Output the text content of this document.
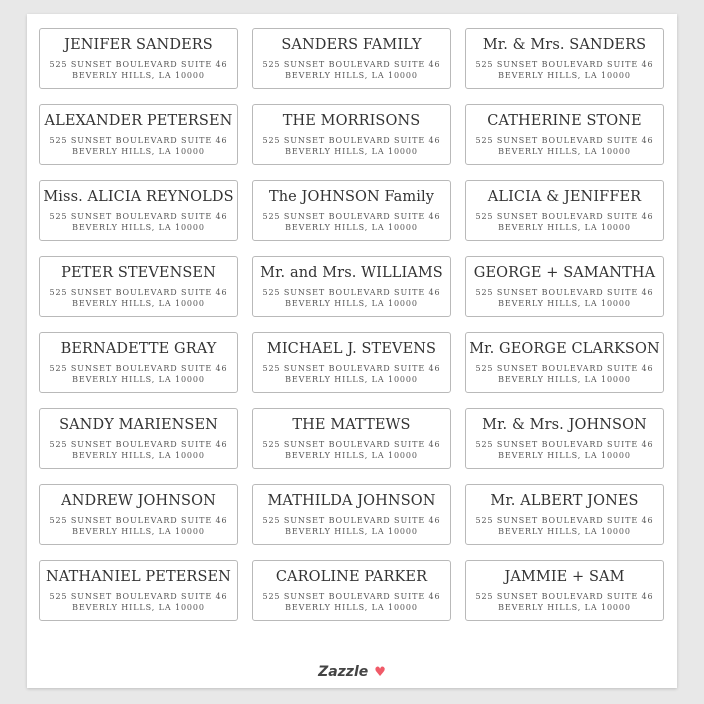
JENIFER SANDERS
525 SUNSET BOULEVARD SUITE 46
BEVERLY HILLS, LA 10000
SANDERS FAMILY
525 SUNSET BOULEVARD SUITE 46
BEVERLY HILLS, LA 10000
Mr. & Mrs. SANDERS
525 SUNSET BOULEVARD SUITE 46
BEVERLY HILLS, LA 10000
ALEXANDER PETERSEN
525 SUNSET BOULEVARD SUITE 46
BEVERLY HILLS, LA 10000
THE MORRISONS
525 SUNSET BOULEVARD SUITE 46
BEVERLY HILLS, LA 10000
CATHERINE STONE
525 SUNSET BOULEVARD SUITE 46
BEVERLY HILLS, LA 10000
Miss. ALICIA REYNOLDS
525 SUNSET BOULEVARD SUITE 46
BEVERLY HILLS, LA 10000
The JOHNSON Family
525 SUNSET BOULEVARD SUITE 46
BEVERLY HILLS, LA 10000
ALICIA & JENIFFER
525 SUNSET BOULEVARD SUITE 46
BEVERLY HILLS, LA 10000
PETER STEVENSEN
525 SUNSET BOULEVARD SUITE 46
BEVERLY HILLS, LA 10000
Mr. and Mrs. WILLIAMS
525 SUNSET BOULEVARD SUITE 46
BEVERLY HILLS, LA 10000
GEORGE + SAMANTHA
525 SUNSET BOULEVARD SUITE 46
BEVERLY HILLS, LA 10000
BERNADETTE GRAY
525 SUNSET BOULEVARD SUITE 46
BEVERLY HILLS, LA 10000
MICHAEL J. STEVENS
525 SUNSET BOULEVARD SUITE 46
BEVERLY HILLS, LA 10000
Mr. GEORGE CLARKSON
525 SUNSET BOULEVARD SUITE 46
BEVERLY HILLS, LA 10000
SANDY MARIENSEN
525 SUNSET BOULEVARD SUITE 46
BEVERLY HILLS, LA 10000
THE MATTEWS
525 SUNSET BOULEVARD SUITE 46
BEVERLY HILLS, LA 10000
Mr. & Mrs. JOHNSON
525 SUNSET BOULEVARD SUITE 46
BEVERLY HILLS, LA 10000
ANDREW JOHNSON
525 SUNSET BOULEVARD SUITE 46
BEVERLY HILLS, LA 10000
MATHILDA JOHNSON
525 SUNSET BOULEVARD SUITE 46
BEVERLY HILLS, LA 10000
Mr. ALBERT JONES
525 SUNSET BOULEVARD SUITE 46
BEVERLY HILLS, LA 10000
NATHANIEL PETERSEN
525 SUNSET BOULEVARD SUITE 46
BEVERLY HILLS, LA 10000
CAROLINE PARKER
525 SUNSET BOULEVARD SUITE 46
BEVERLY HILLS, LA 10000
JAMMIE + SAM
525 SUNSET BOULEVARD SUITE 46
BEVERLY HILLS, LA 10000
Zazzle ♥
